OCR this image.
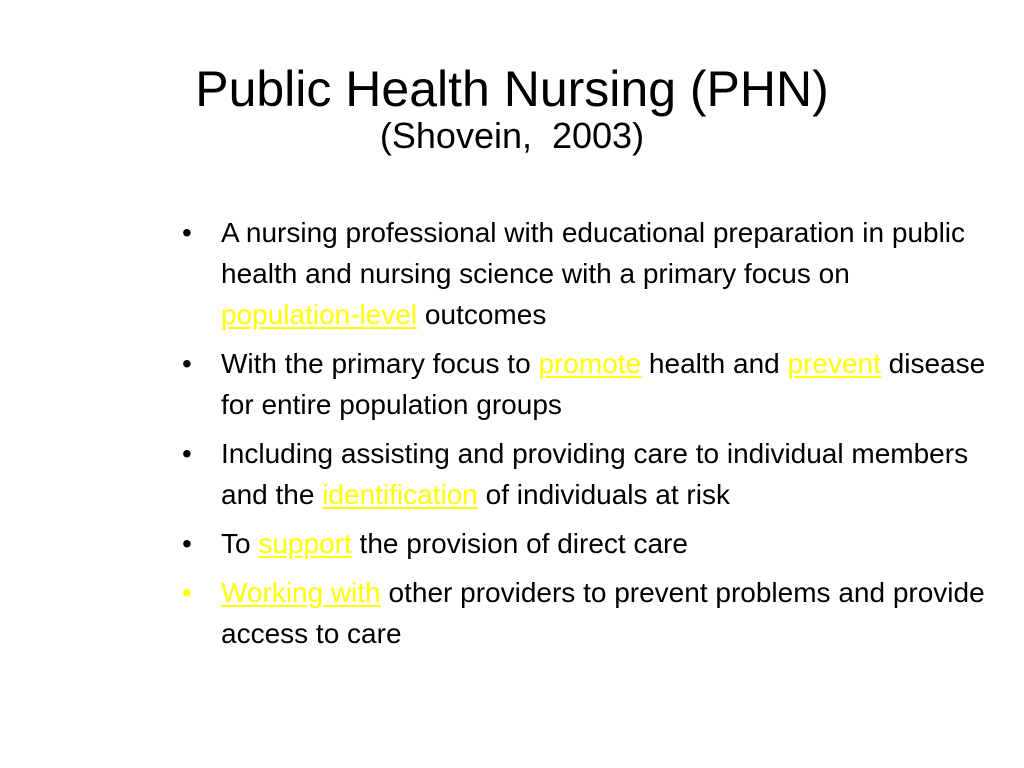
Public Health Nursing (PHN)
(Shovein,  2003)
•	A nursing professional with educational preparation in public health and nursing science with a primary focus on population-level outcomes
•	With the primary focus to promote health and prevent disease for entire population groups
•	Including assisting and providing care to individual members and the identification of individuals at risk
•	To support the provision of direct care
•	Working with other providers to prevent problems and provide access to care
